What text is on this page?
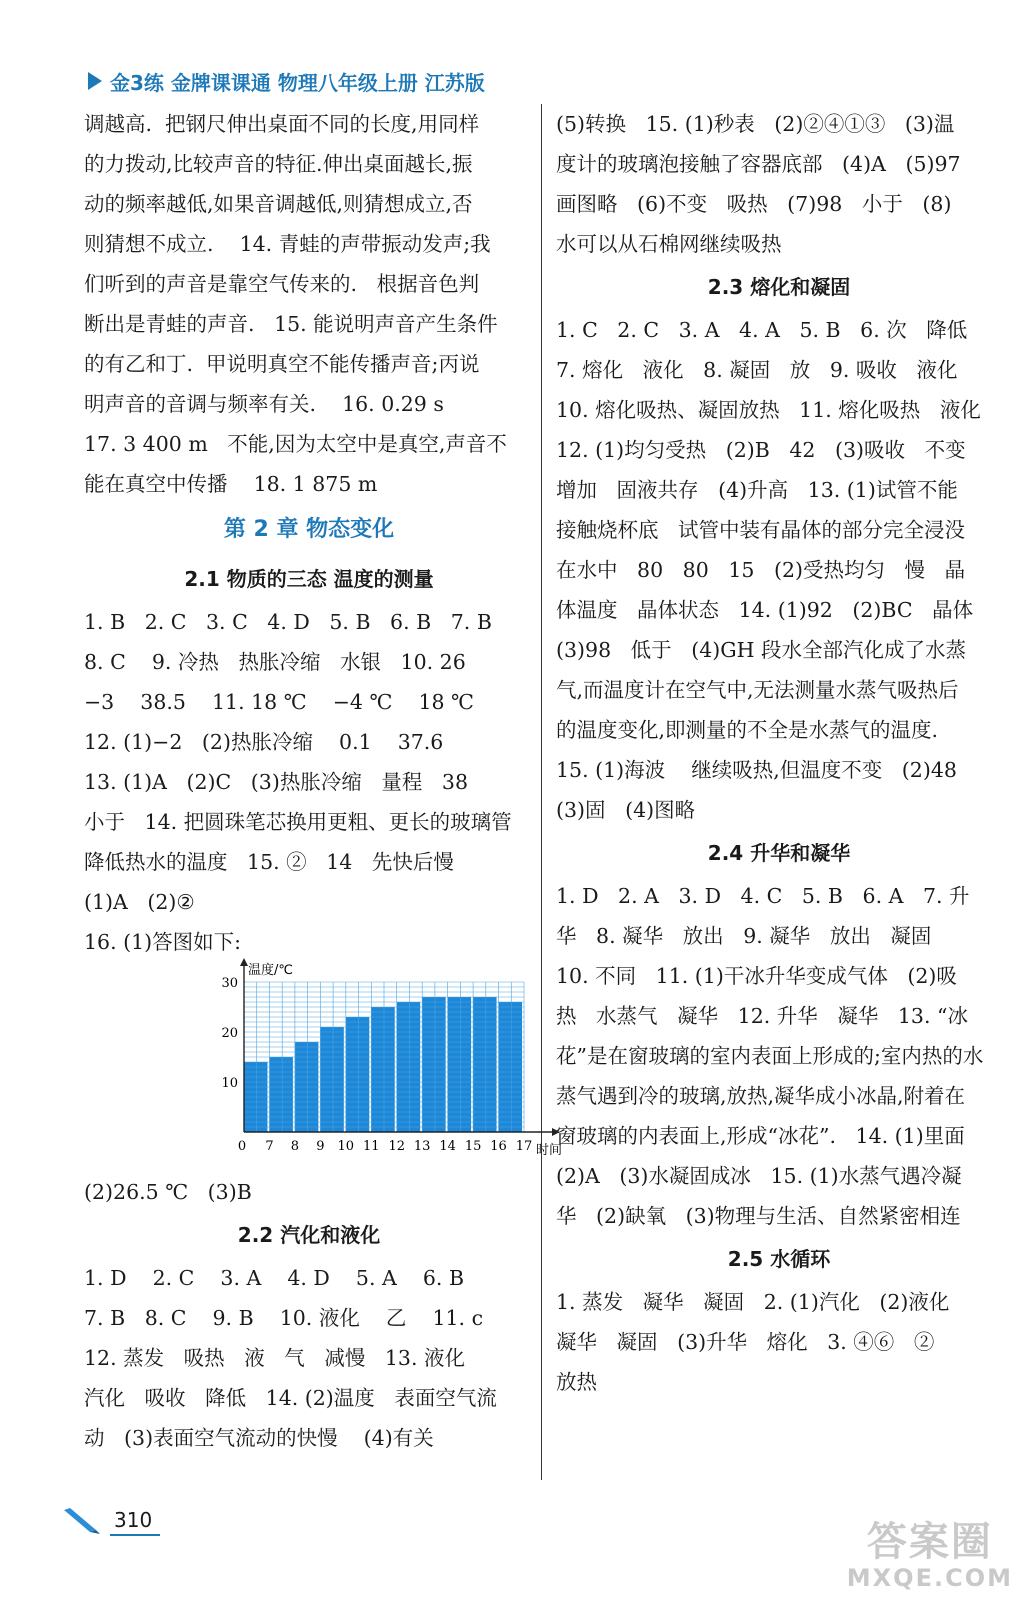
金3练 金牌课课通 物理八年级上册 江苏版
调越高.  把钢尺伸出桌面不同的长度,用同样
的力拨动,比较声音的特征.伸出桌面越长,振
动的频率越低,如果音调越低,则猜想成立,否
则猜想不成立.    14. 青蛙的声带振动发声;我
们听到的声音是靠空气传来的.   根据音色判
断出是青蛙的声音.   15. 能说明声音产生条件
的有乙和丁.  甲说明真空不能传播声音;丙说
明声音的音调与频率有关.    16. 0.29 s
17. 3 400 m   不能,因为太空中是真空,声音不
能在真空中传播    18. 1 875 m
第 2 章 物态变化
2.1 物质的三态 温度的测量
1. B   2. C   3. C   4. D   5. B   6. B   7. B
8. C    9. 冷热   热胀冷缩   水银   10. 26
−3    38.5    11. 18 ℃    −4 ℃    18 ℃
12. (1)−2   (2)热胀冷缩    0.1    37.6
13. (1)A   (2)C   (3)热胀冷缩   量程   38
小于   14. 把圆珠笔芯换用更粗、更长的玻璃管
降低热水的温度   15. ②   14   先快后慢
(1)A   (2)②
16. (1)答图如下:
10
20
30
0 7 8 9 10 11 12 13 14 15 16 17
温度/℃
时间
(2)26.5 ℃   (3)B
2.2 汽化和液化
1. D    2. C    3. A    4. D    5. A    6. B
7. B   8. C    9. B    10. 液化    乙    11. c
12. 蒸发   吸热   液   气   减慢   13. 液化
汽化   吸收   降低   14. (2)温度   表面空气流
动   (3)表面空气流动的快慢    (4)有关
(5)转换   15. (1)秒表   (2)②④①③   (3)温
度计的玻璃泡接触了容器底部   (4)A   (5)97
画图略   (6)不变   吸热   (7)98   小于   (8)
水可以从石棉网继续吸热
2.3 熔化和凝固
1. C   2. C   3. A   4. A   5. B   6. 次   降低
7. 熔化   液化   8. 凝固   放   9. 吸收   液化
10. 熔化吸热、凝固放热   11. 熔化吸热   液化
12. (1)均匀受热   (2)B   42   (3)吸收   不变
增加   固液共存   (4)升高   13. (1)试管不能
接触烧杯底   试管中装有晶体的部分完全浸没
在水中   80   80   15   (2)受热均匀   慢   晶
体温度   晶体状态   14. (1)92   (2)BC   晶体
(3)98   低于   (4)GH 段水全部汽化成了水蒸
气,而温度计在空气中,无法测量水蒸气吸热后
的温度变化,即测量的不全是水蒸气的温度.
15. (1)海波    继续吸热,但温度不变   (2)48
(3)固   (4)图略
2.4 升华和凝华
1. D   2. A   3. D   4. C   5. B   6. A   7. 升
华   8. 凝华   放出   9. 凝华   放出   凝固
10. 不同   11. (1)干冰升华变成气体   (2)吸
热   水蒸气   凝华   12. 升华   凝华   13. “冰
花”是在窗玻璃的室内表面上形成的;室内热的水
蒸气遇到冷的玻璃,放热,凝华成小冰晶,附着在
窗玻璃的内表面上,形成“冰花”.   14. (1)里面
(2)A   (3)水凝固成冰   15. (1)水蒸气遇冷凝
华   (2)缺氧   (3)物理与生活、自然紧密相连
2.5 水循环
1. 蒸发   凝华   凝固   2. (1)汽化   (2)液化
凝华   凝固   (3)升华   熔化   3. ④⑥   ②
放热
310	答案圈
MXQE.COM
